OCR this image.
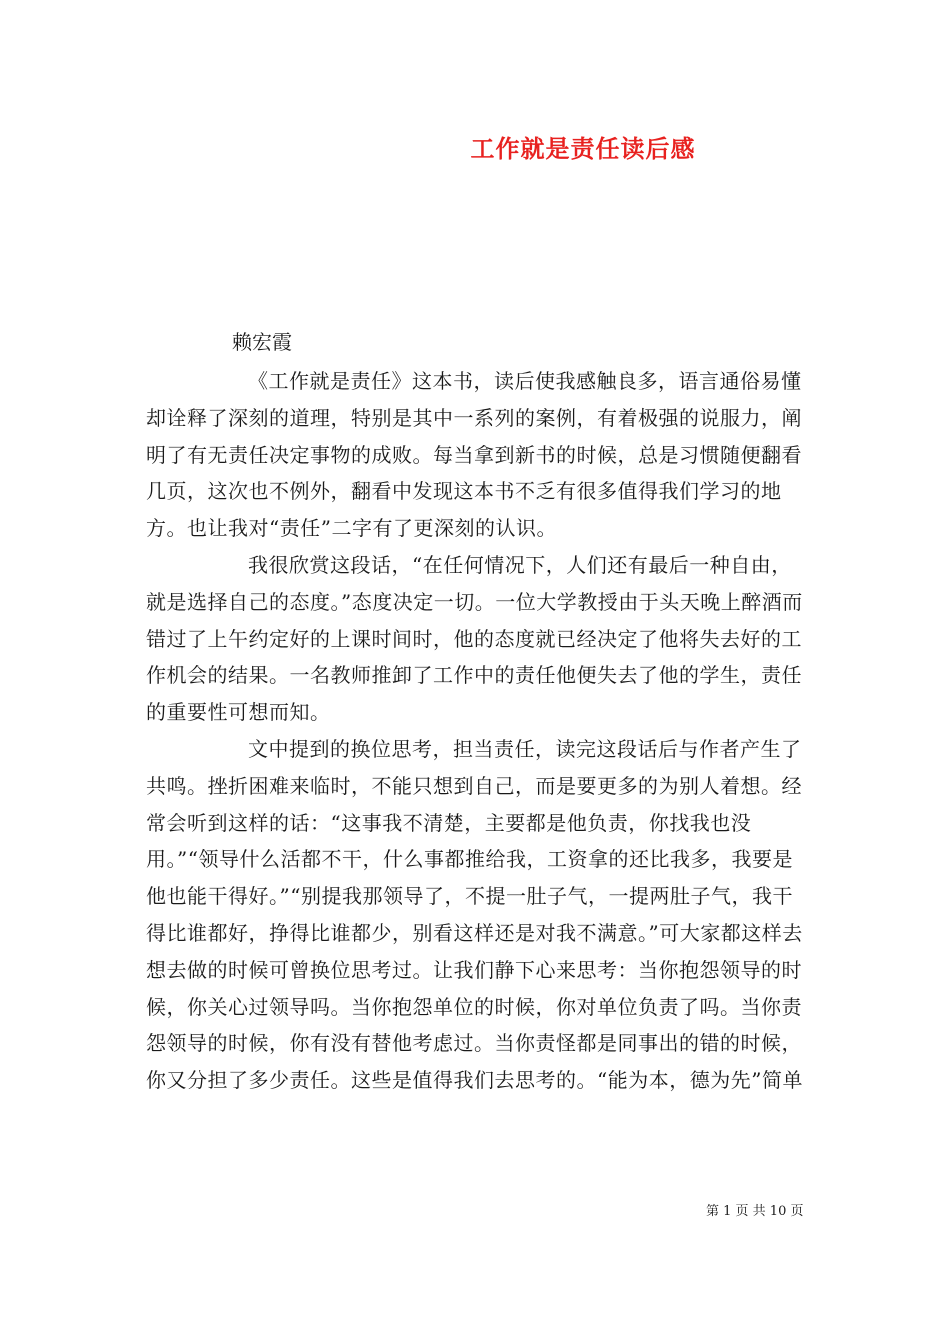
工作就是责任读后感
赖宏霞

《工作就是责任》这本书，读后使我感触良多，语言通俗易懂却诠释了深刻的道理，特别是其中一系列的案例，有着极强的说服力，阐明了有无责任决定事物的成败。每当拿到新书的时候，总是习惯随便翻看几页，这次也不例外，翻看中发现这本书不乏有很多值得我们学习的地方。也让我对“责任”二字有了更深刻的认识。

我很欣赏这段话，“在任何情况下，人们还有最后一种自由，就是选择自己的态度。”态度决定一切。一位大学教授由于头天晚上醉酒而错过了上午约定好的上课时间时，他的态度就已经决定了他将失去好的工作机会的结果。一名教师推卸了工作中的责任他便失去了他的学生，责任的重要性可想而知。

文中提到的换位思考，担当责任，读完这段话后与作者产生了共鸣。挫折困难来临时，不能只想到自己，而是要更多的为别人着想。经常会听到这样的话：“这事我不清楚，主要都是他负责，你找我也没用。”“领导什么活都不干，什么事都推给我，工资拿的还比我多，我要是他也能干得好。”“别提我那领导了，不提一肚子气，一提两肚子气，我干得比谁都好，挣得比谁都少，别看这样还是对我不满意。”可大家都这样去想去做的时候可曾换位思考过。让我们静下心来思考：当你抱怨领导的时候，你关心过领导吗。当你抱怨单位的时候，你对单位负责了吗。当你责怨领导的时候，你有没有替他考虑过。当你责怪都是同事出的错的时候，你又分担了多少责任。这些是值得我们去思考的。“能为本，德为先”简单

第 1 页 共 10 页
